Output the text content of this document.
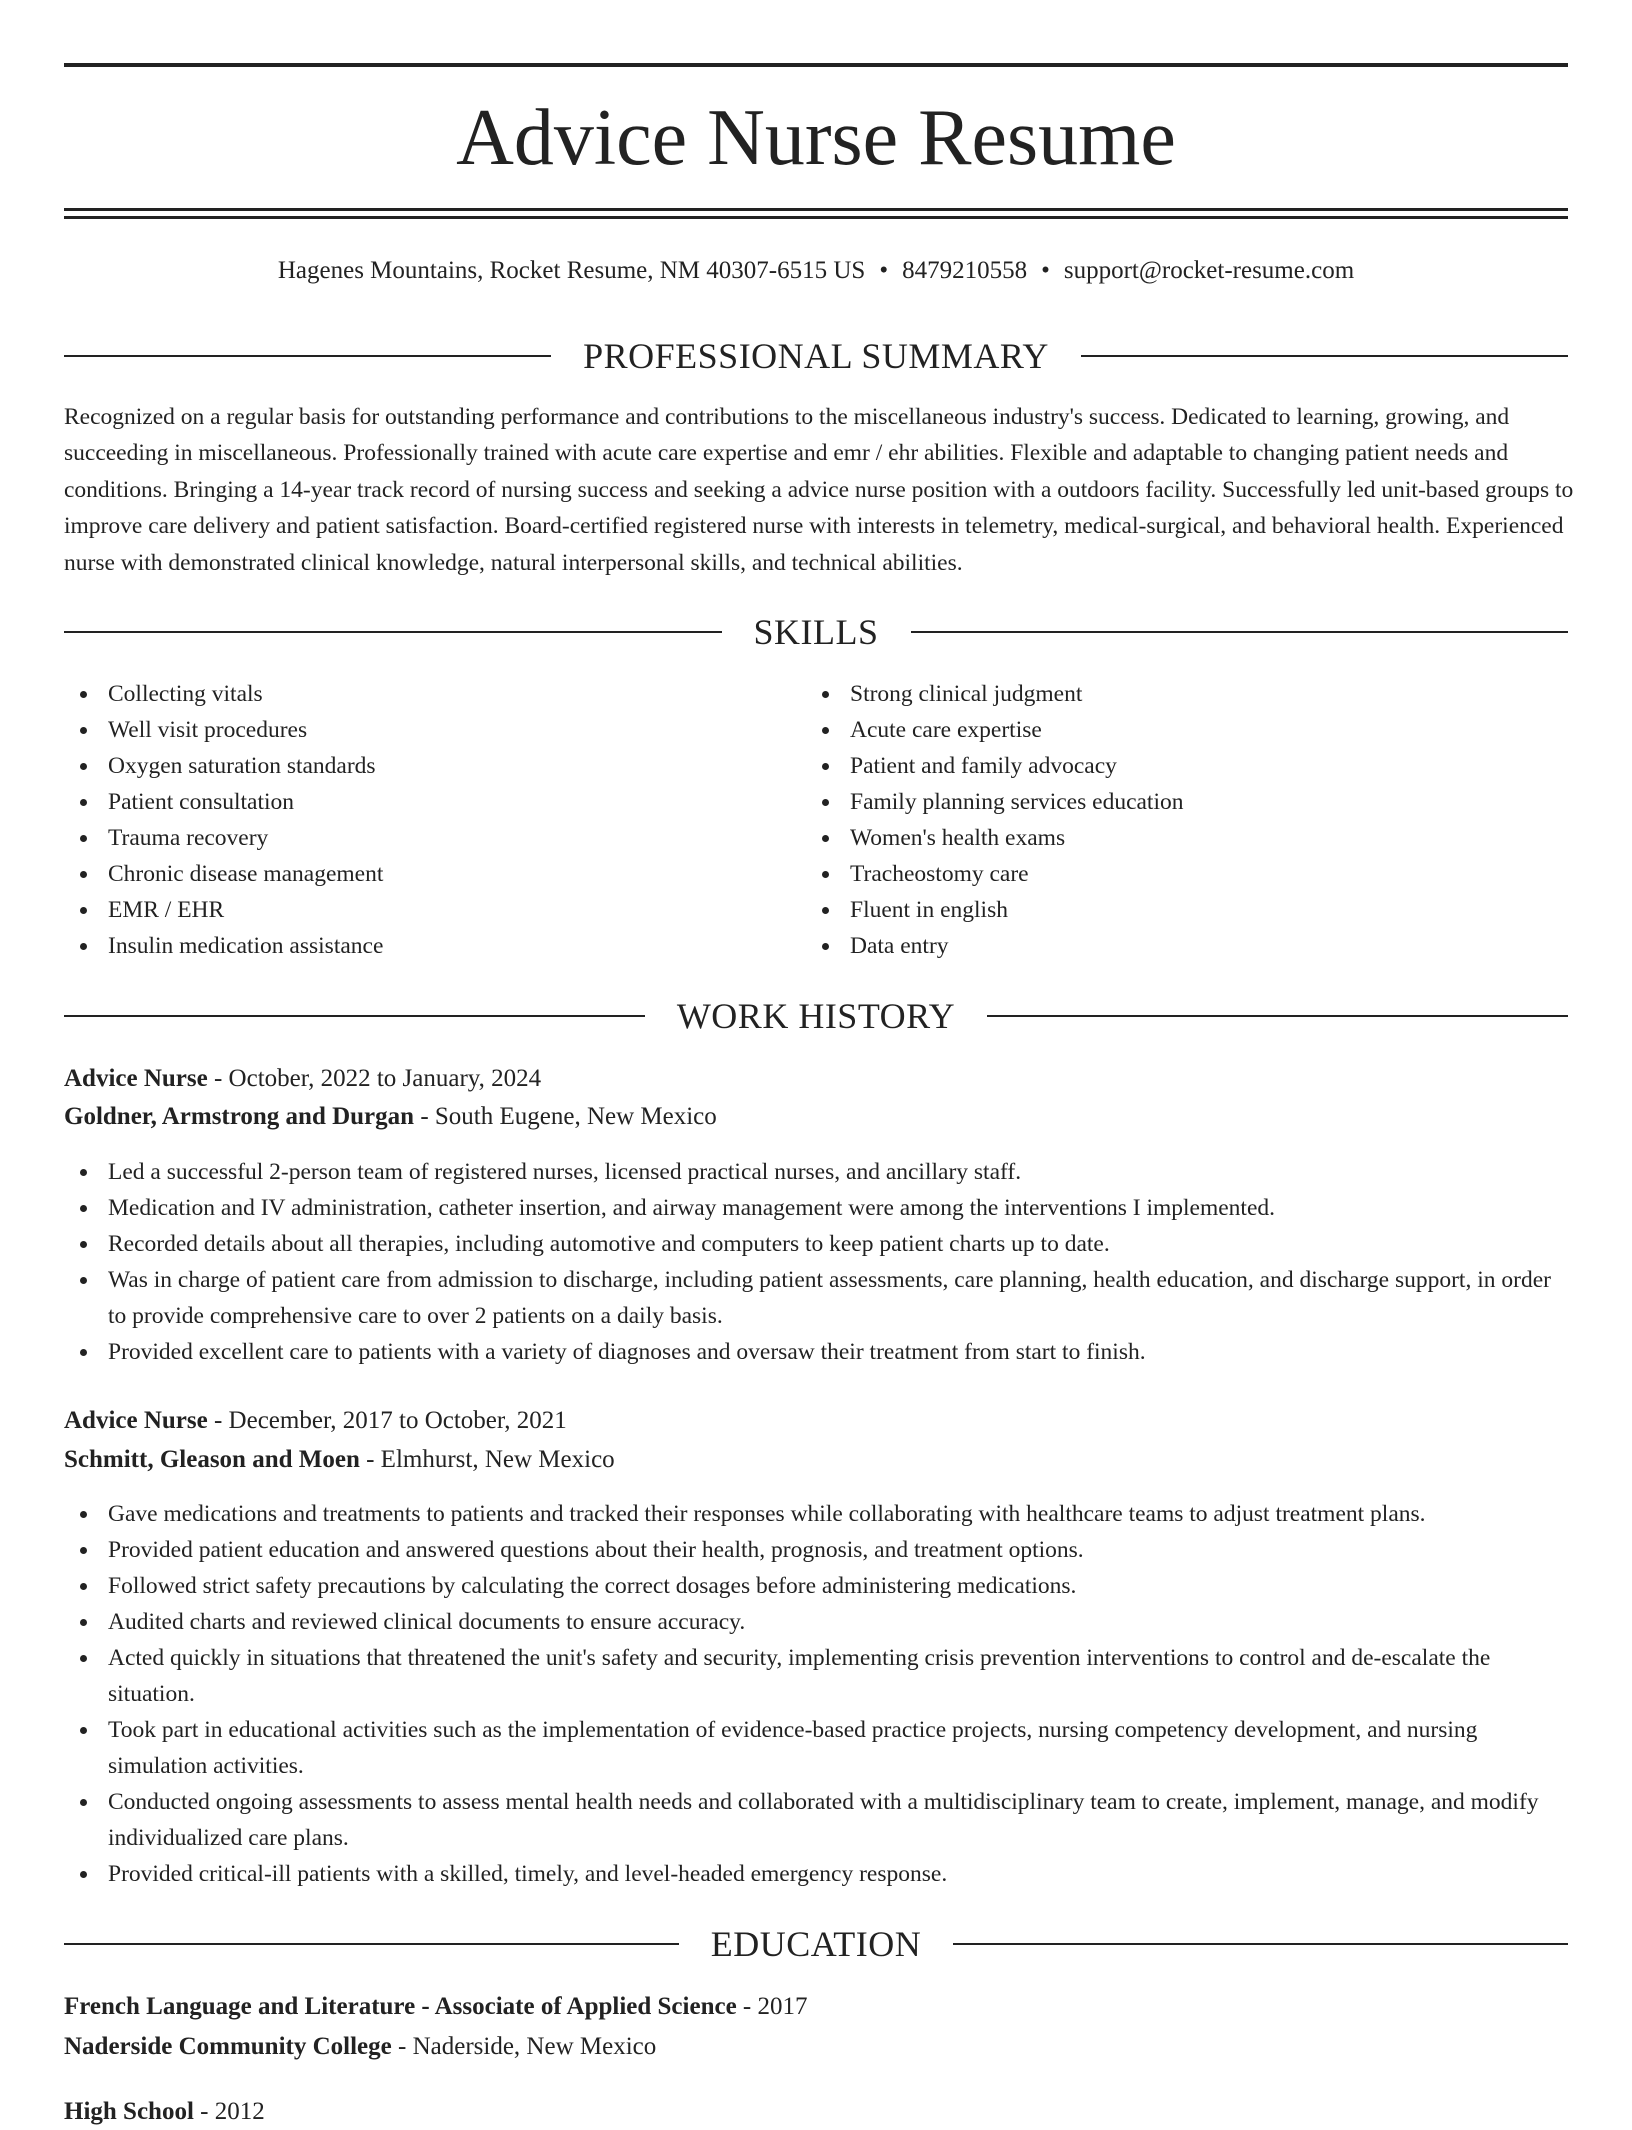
Advice Nurse Resume
Hagenes Mountains, Rocket Resume, NM 40307-6515 US • 8479210558 • support@rocket-resume.com
PROFESSIONAL SUMMARY

Recognized on a regular basis for outstanding performance and contributions to the miscellaneous industry's success. Dedicated to learning, growing, and succeeding in miscellaneous. Professionally trained with acute care expertise and emr / ehr abilities. Flexible and adaptable to changing patient needs and conditions. Bringing a 14-year track record of nursing success and seeking a advice nurse position with a outdoors facility. Successfully led unit-based groups to improve care delivery and patient satisfaction. Board-certified registered nurse with interests in telemetry, medical-surgical, and behavioral health. Experienced nurse with demonstrated clinical knowledge, natural interpersonal skills, and technical abilities.

SKILLS
Collecting vitals
Well visit procedures
Oxygen saturation standards
Patient consultation
Trauma recovery
Chronic disease management
EMR / EHR
Insulin medication assistance
Strong clinical judgment
Acute care expertise
Patient and family advocacy
Family planning services education
Women's health exams
Tracheostomy care
Fluent in english
Data entry
WORK HISTORY
Advice Nurse - October, 2022 to January, 2024
Goldner, Armstrong and Durgan - South Eugene, New Mexico
Led a successful 2-person team of registered nurses, licensed practical nurses, and ancillary staff.
Medication and IV administration, catheter insertion, and airway management were among the interventions I implemented.
Recorded details about all therapies, including automotive and computers to keep patient charts up to date.
Was in charge of patient care from admission to discharge, including patient assessments, care planning, health education, and discharge support, in order to provide comprehensive care to over 2 patients on a daily basis.
Provided excellent care to patients with a variety of diagnoses and oversaw their treatment from start to finish.
Advice Nurse - December, 2017 to October, 2021
Schmitt, Gleason and Moen - Elmhurst, New Mexico
Gave medications and treatments to patients and tracked their responses while collaborating with healthcare teams to adjust treatment plans.
Provided patient education and answered questions about their health, prognosis, and treatment options.
Followed strict safety precautions by calculating the correct dosages before administering medications.
Audited charts and reviewed clinical documents to ensure accuracy.
Acted quickly in situations that threatened the unit's safety and security, implementing crisis prevention interventions to control and de-escalate the situation.
Took part in educational activities such as the implementation of evidence-based practice projects, nursing competency development, and nursing simulation activities.
Conducted ongoing assessments to assess mental health needs and collaborated with a multidisciplinary team to create, implement, manage, and modify individualized care plans.
Provided critical-ill patients with a skilled, timely, and level-headed emergency response.
EDUCATION
French Language and Literature - Associate of Applied Science - 2017
Naderside Community College - Naderside, New Mexico
High School - 2012
